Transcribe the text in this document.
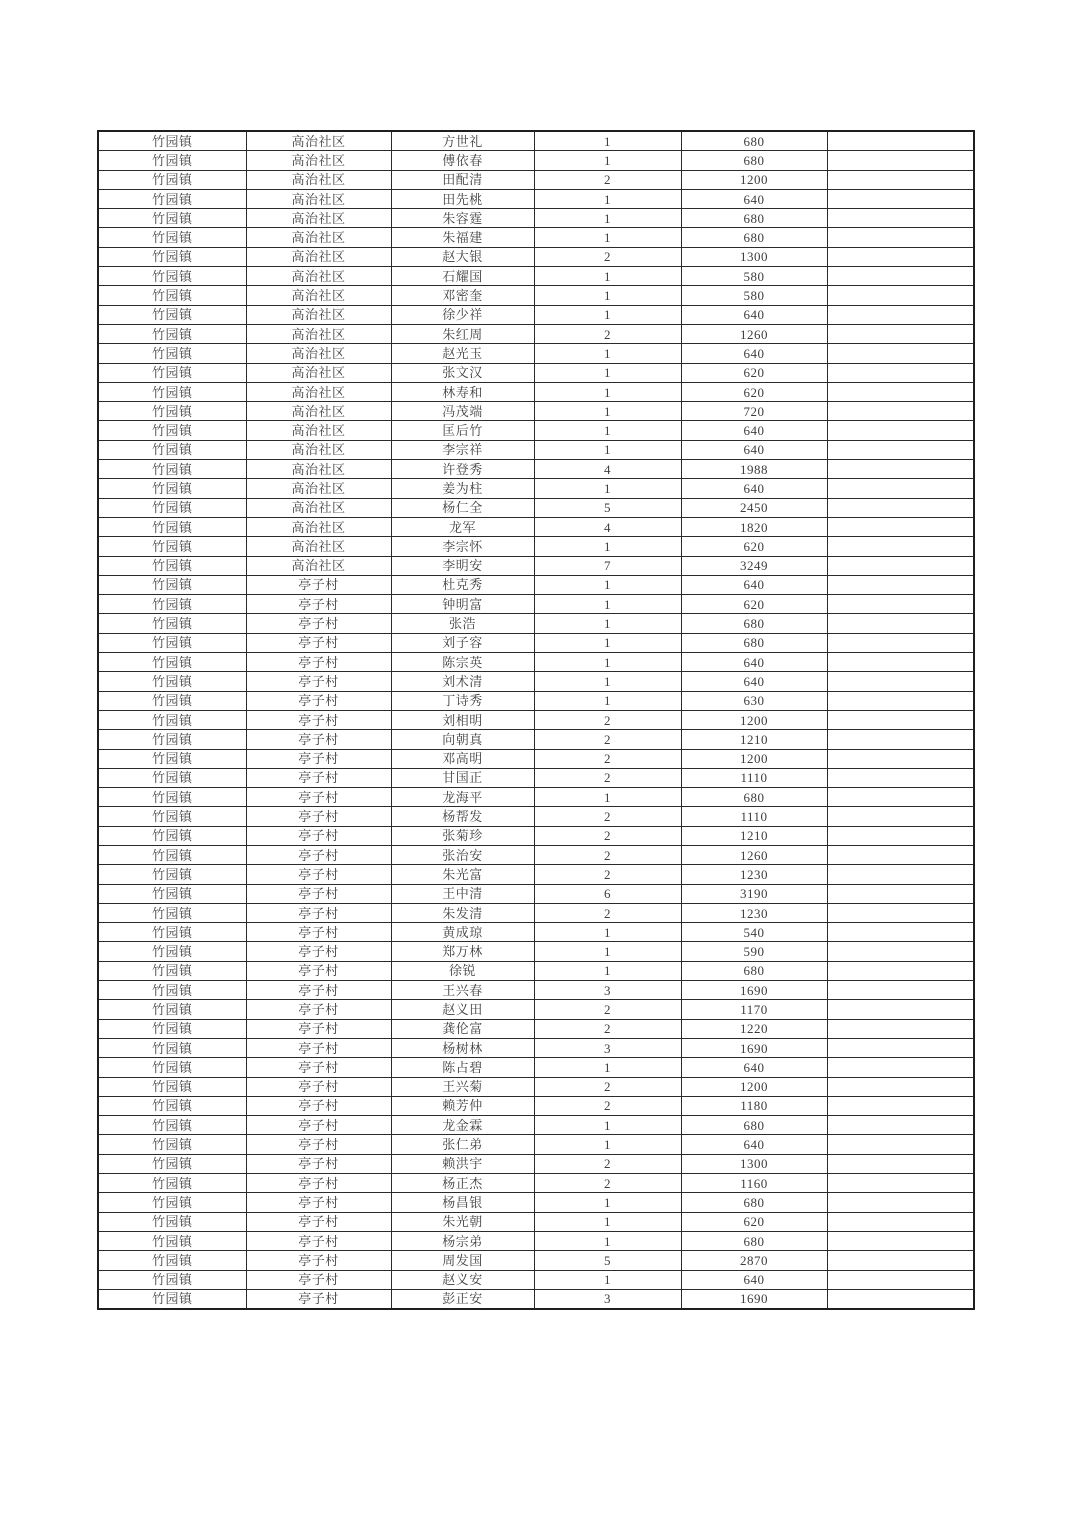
竹园镇	高治社区	方世礼	1	680	
竹园镇	高治社区	傅依春	1	680	
竹园镇	高治社区	田配清	2	1200	
竹园镇	高治社区	田先桃	1	640	
竹园镇	高治社区	朱容霆	1	680	
竹园镇	高治社区	朱福建	1	680	
竹园镇	高治社区	赵大银	2	1300	
竹园镇	高治社区	石耀国	1	580	
竹园镇	高治社区	邓密奎	1	580	
竹园镇	高治社区	徐少祥	1	640	
竹园镇	高治社区	朱红周	2	1260	
竹园镇	高治社区	赵光玉	1	640	
竹园镇	高治社区	张文汉	1	620	
竹园镇	高治社区	林寿和	1	620	
竹园镇	高治社区	冯茂端	1	720	
竹园镇	高治社区	匡后竹	1	640	
竹园镇	高治社区	李宗祥	1	640	
竹园镇	高治社区	许登秀	4	1988	
竹园镇	高治社区	姜为柱	1	640	
竹园镇	高治社区	杨仁全	5	2450	
竹园镇	高治社区	龙军	4	1820	
竹园镇	高治社区	李宗怀	1	620	
竹园镇	高治社区	李明安	7	3249	
竹园镇	亭子村	杜克秀	1	640	
竹园镇	亭子村	钟明富	1	620	
竹园镇	亭子村	张浩	1	680	
竹园镇	亭子村	刘子容	1	680	
竹园镇	亭子村	陈宗英	1	640	
竹园镇	亭子村	刘术清	1	640	
竹园镇	亭子村	丁诗秀	1	630	
竹园镇	亭子村	刘相明	2	1200	
竹园镇	亭子村	向朝真	2	1210	
竹园镇	亭子村	邓高明	2	1200	
竹园镇	亭子村	甘国正	2	1110	
竹园镇	亭子村	龙海平	1	680	
竹园镇	亭子村	杨帮发	2	1110	
竹园镇	亭子村	张菊珍	2	1210	
竹园镇	亭子村	张治安	2	1260	
竹园镇	亭子村	朱光富	2	1230	
竹园镇	亭子村	王中清	6	3190	
竹园镇	亭子村	朱发清	2	1230	
竹园镇	亭子村	黄成琼	1	540	
竹园镇	亭子村	郑万林	1	590	
竹园镇	亭子村	徐锐	1	680	
竹园镇	亭子村	王兴春	3	1690	
竹园镇	亭子村	赵义田	2	1170	
竹园镇	亭子村	龚伦富	2	1220	
竹园镇	亭子村	杨树林	3	1690	
竹园镇	亭子村	陈占碧	1	640	
竹园镇	亭子村	王兴菊	2	1200	
竹园镇	亭子村	赖芳仲	2	1180	
竹园镇	亭子村	龙金霖	1	680	
竹园镇	亭子村	张仁弟	1	640	
竹园镇	亭子村	赖洪宇	2	1300	
竹园镇	亭子村	杨正杰	2	1160	
竹园镇	亭子村	杨昌银	1	680	
竹园镇	亭子村	朱光朝	1	620	
竹园镇	亭子村	杨宗弟	1	680	
竹园镇	亭子村	周发国	5	2870	
竹园镇	亭子村	赵义安	1	640	
竹园镇	亭子村	彭正安	3	1690	
